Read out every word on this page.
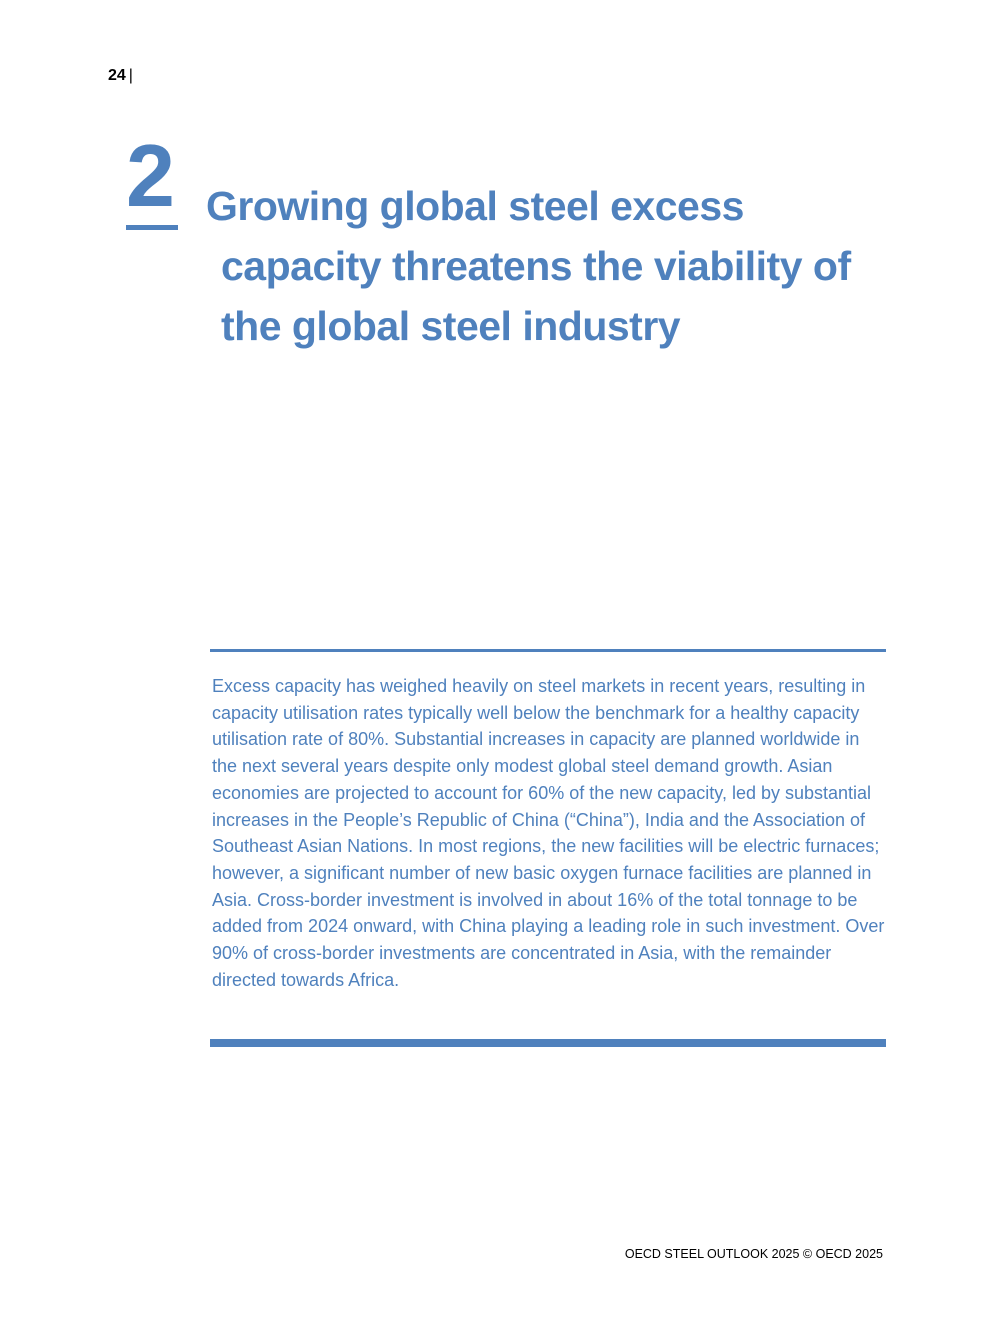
24 |
2 Growing global steel excess
capacity threatens the viability of
the global steel industry

Excess capacity has weighed heavily on steel markets in recent years, resulting in capacity utilisation rates typically well below the benchmark for a healthy capacity utilisation rate of 80%. Substantial increases in capacity are planned worldwide in the next several years despite only modest global steel demand growth. Asian economies are projected to account for 60% of the new capacity, led by substantial increases in the People’s Republic of China (“China”), India and the Association of Southeast Asian Nations. In most regions, the new facilities will be electric furnaces; however, a significant number of new basic oxygen furnace facilities are planned in Asia. Cross-border investment is involved in about 16% of the total tonnage to be added from 2024 onward, with China playing a leading role in such investment. Over 90% of cross-border investments are concentrated in Asia, with the remainder directed towards Africa.

OECD STEEL OUTLOOK 2025 © OECD 2025
